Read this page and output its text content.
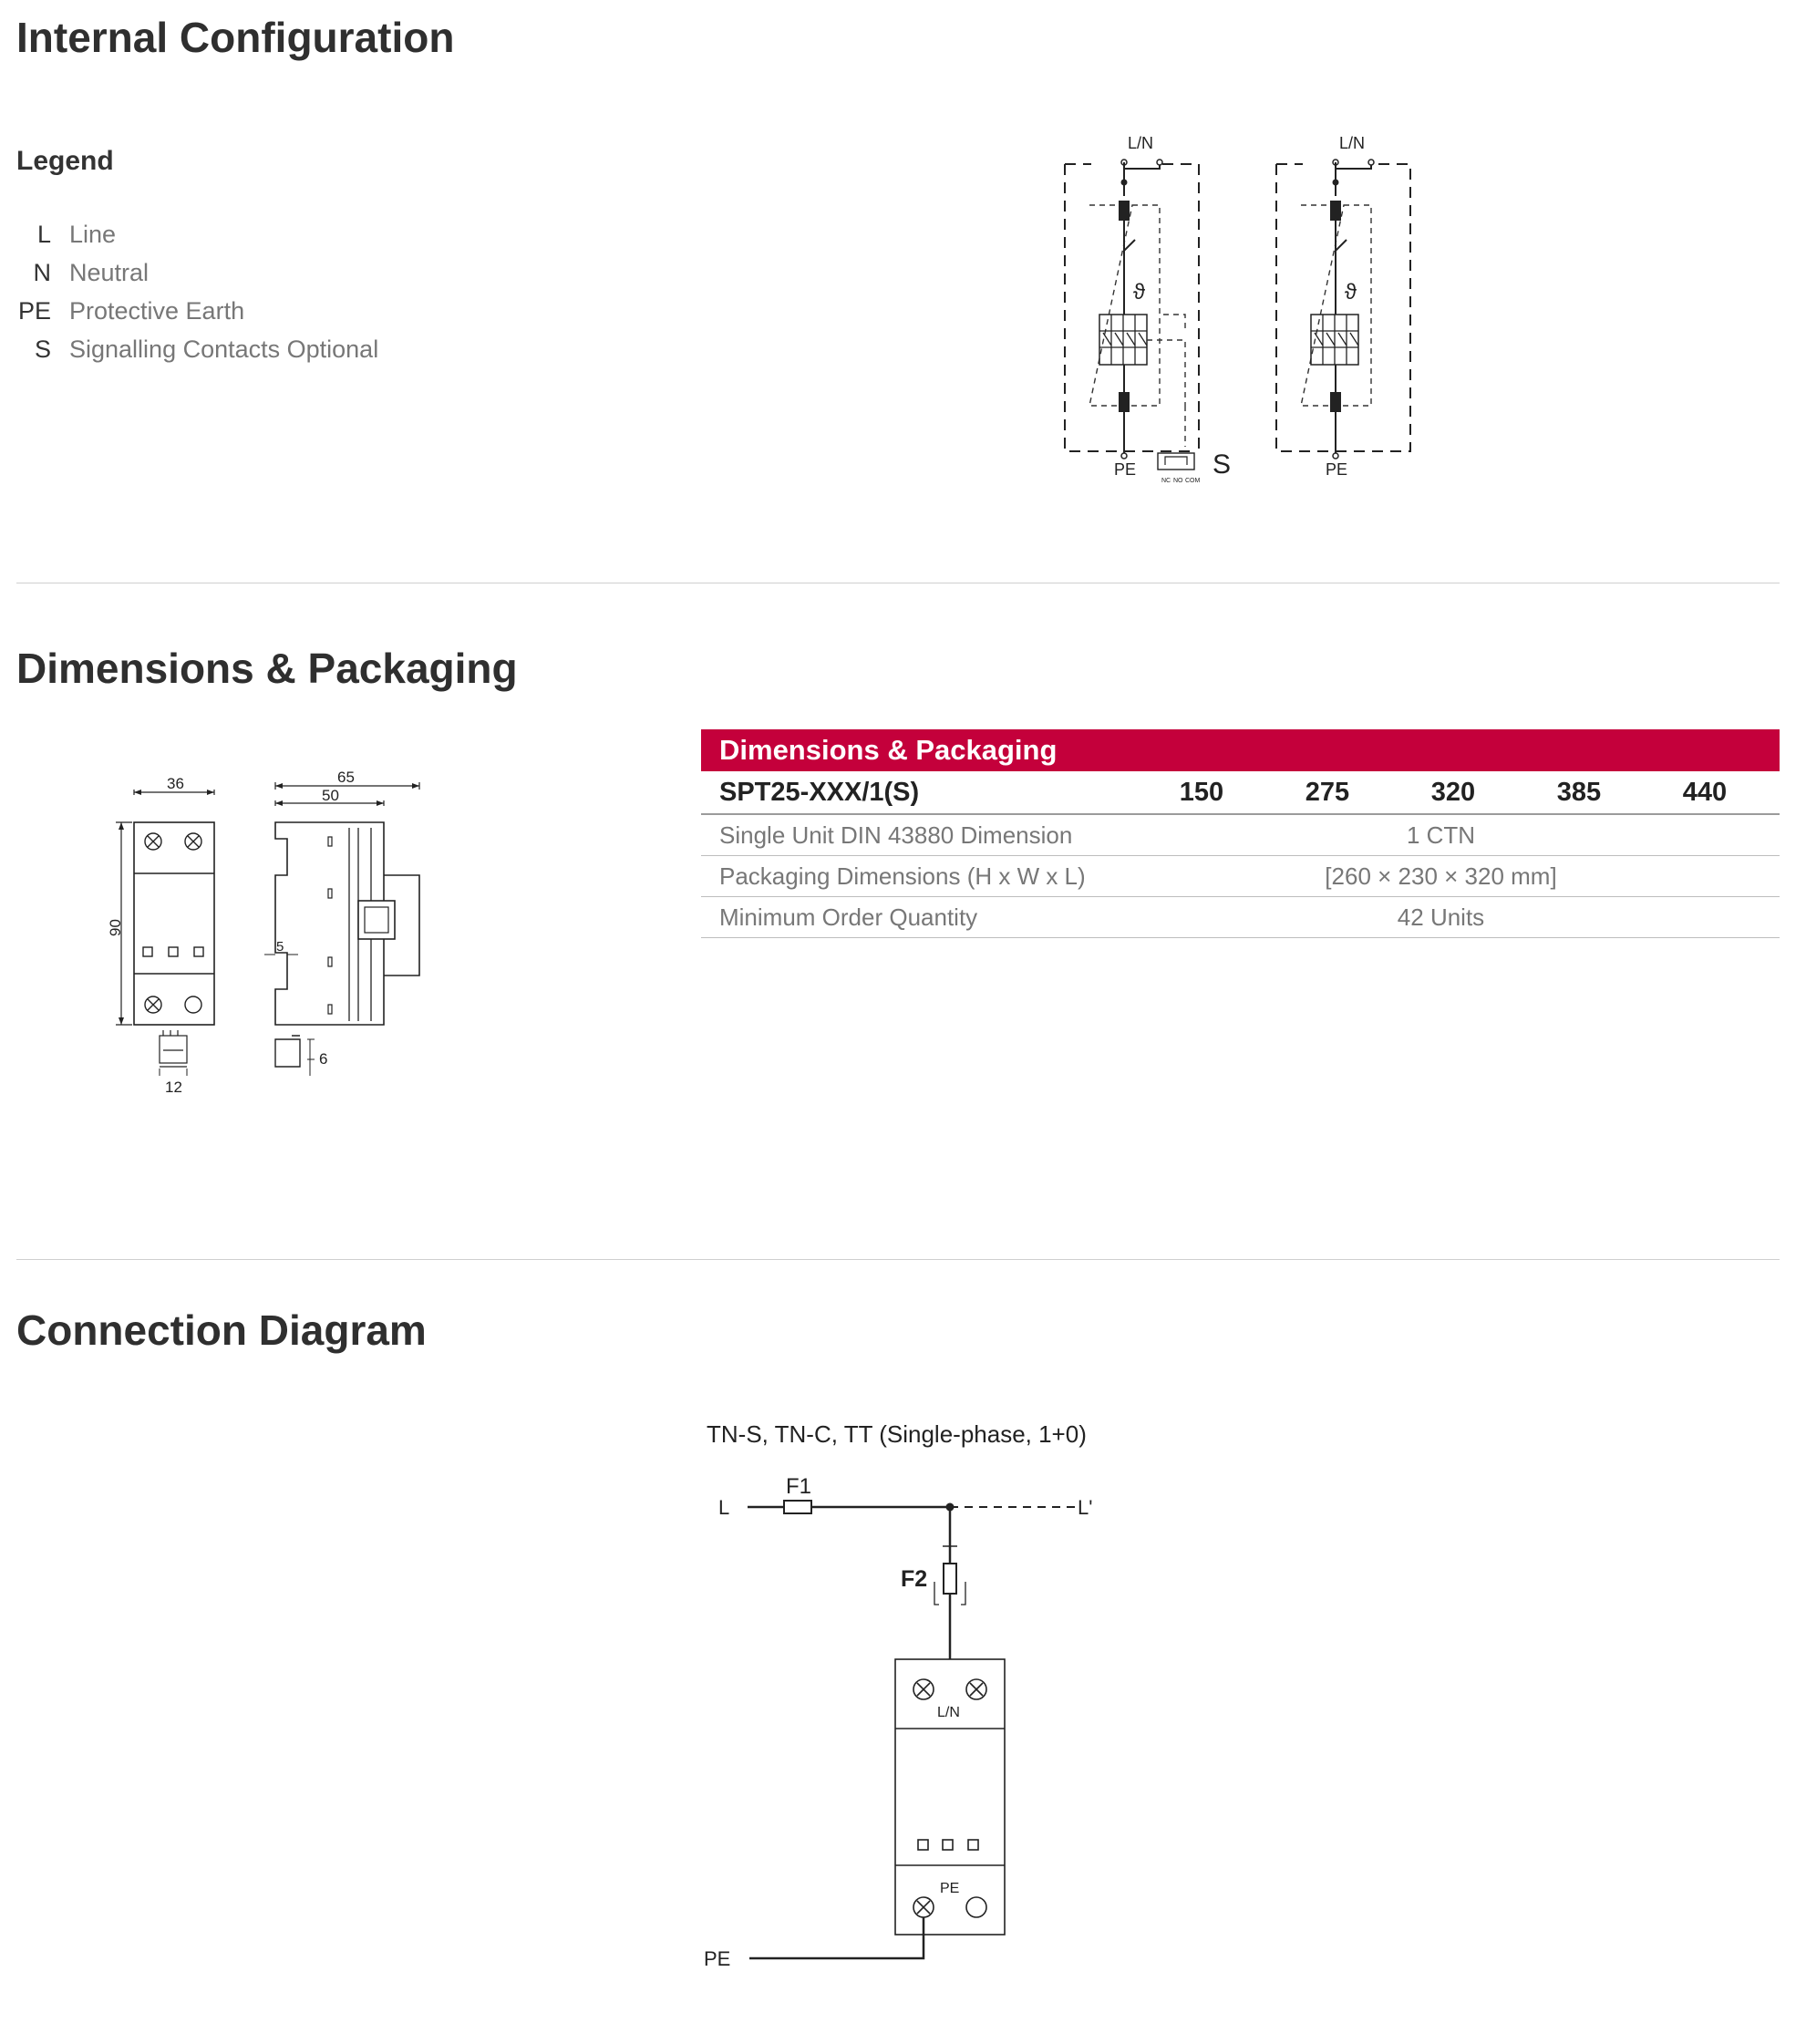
Internal Configuration
Legend
L Line
N Neutral
PE Protective Earth
S Signalling Contacts Optional
L/N
ϑ
PE
NC NO COM
S
L/N
ϑ
PE
Dimensions & Packaging
36
90
12
65
50
5
6
Dimensions & Packaging
SPT25-XXX/1(S)	150	275	320	385	440
Single Unit DIN 43880 Dimension	1 CTN
Packaging Dimensions (H x W x L)	[260 × 230 × 320 mm]
Minimum Order Quantity	42 Units
Connection Diagram
TN-S, TN-C, TT (Single-phase, 1+0)
L
F1
L'
F2
L/N
PE
PE
